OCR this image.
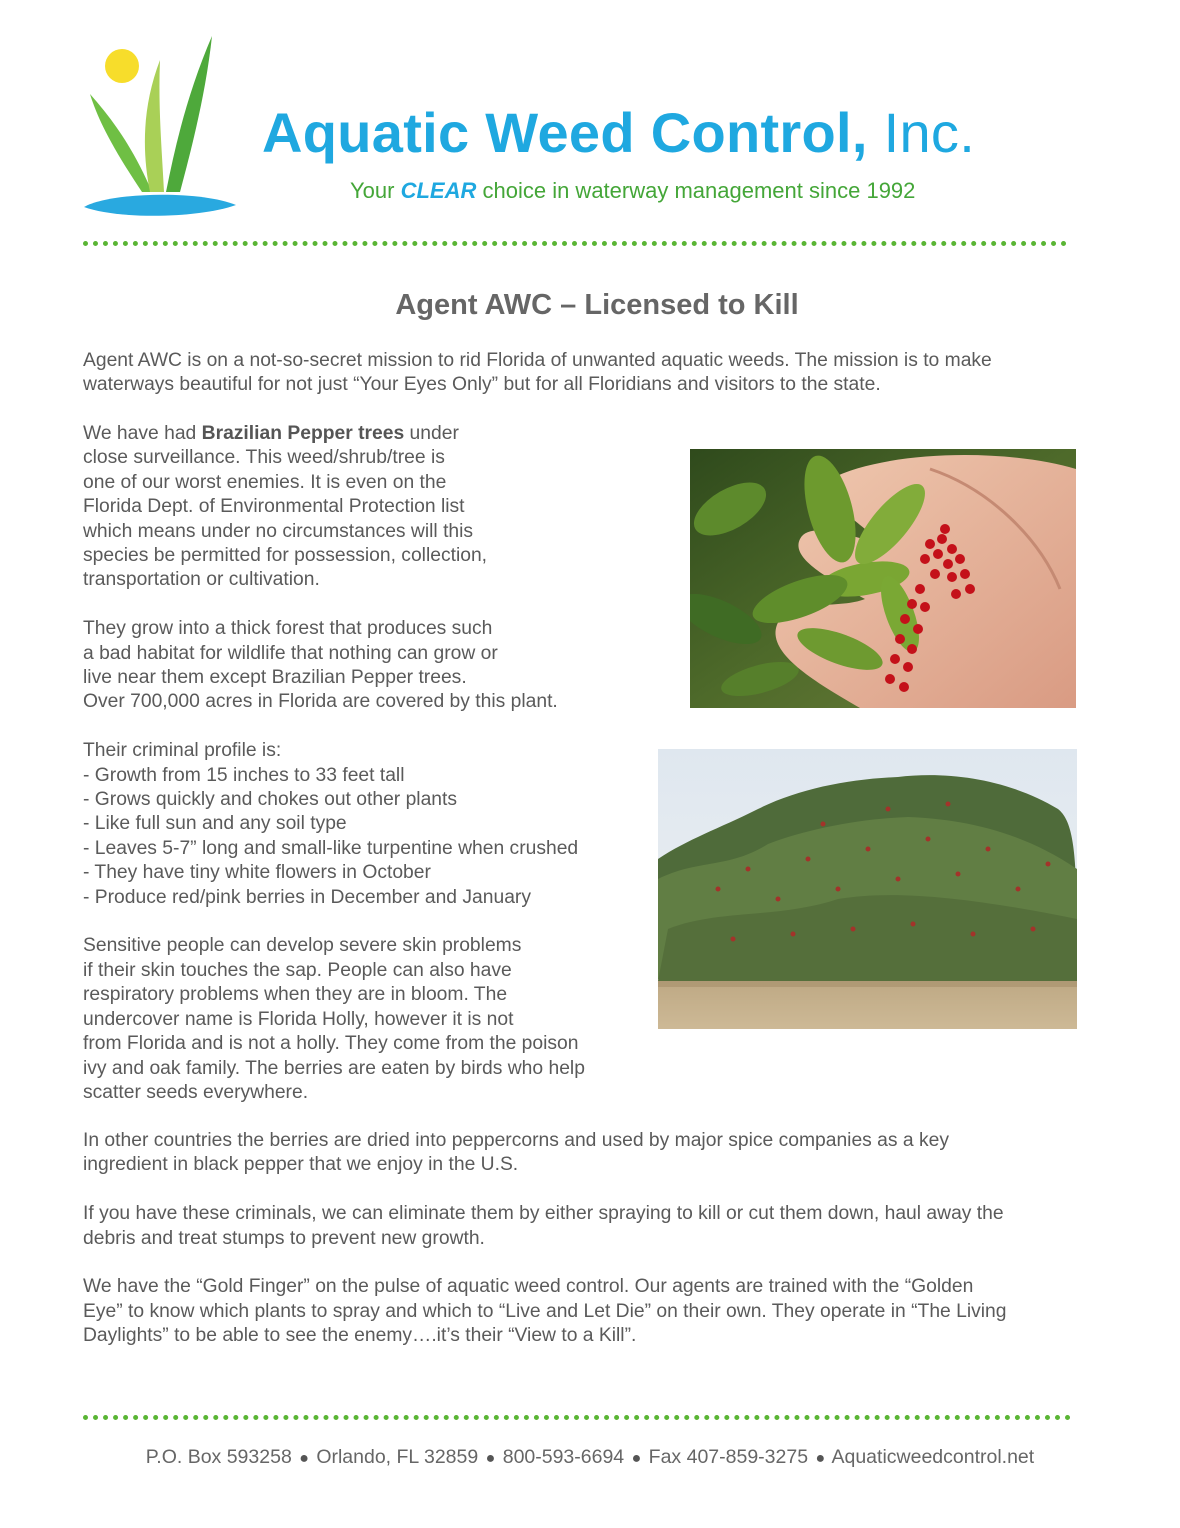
Aquatic Weed Control, Inc.
Your CLEAR choice in waterway management since 1992
Agent AWC – Licensed to Kill
Agent AWC is on a not-so-secret mission to rid Florida of unwanted aquatic weeds. The mission is to make
waterways beautiful for not just “Your Eyes Only” but for all Floridians and visitors to the state.

We have had Brazilian Pepper trees under
close surveillance. This weed/shrub/tree is
one of our worst enemies. It is even on the
Florida Dept. of Environmental Protection list
which means under no circumstances will this
species be permitted for possession, collection,
transportation or cultivation.

They grow into a thick forest that produces such
a bad habitat for wildlife that nothing can grow or
live near them except Brazilian Pepper trees.
Over 700,000 acres in Florida are covered by this plant.

Their criminal profile is:
- Growth from 15 inches to 33 feet tall
- Grows quickly and chokes out other plants
- Like full sun and any soil type
- Leaves 5-7” long and small-like turpentine when crushed
- They have tiny white flowers in October
- Produce red/pink berries in December and January

Sensitive people can develop severe skin problems
if their skin touches the sap. People can also have
respiratory problems when they are in bloom. The
undercover name is Florida Holly, however it is not
from Florida and is not a holly. They come from the poison
ivy and oak family. The berries are eaten by birds who help
scatter seeds everywhere.

In other countries the berries are dried into peppercorns and used by major spice companies as a key
ingredient in black pepper that we enjoy in the U.S.

If you have these criminals, we can eliminate them by either spraying to kill or cut them down, haul away the
debris and treat stumps to prevent new growth.

We have the “Gold Finger” on the pulse of aquatic weed control. Our agents are trained with the “Golden
Eye” to know which plants to spray and which to “Live and Let Die” on their own. They operate in “The Living
Daylights” to be able to see the enemy….it’s their “View to a Kill”.

P.O. Box 593258 ● Orlando, FL 32859 ● 800-593-6694 ● Fax 407-859-3275 ● Aquaticweedcontrol.net
